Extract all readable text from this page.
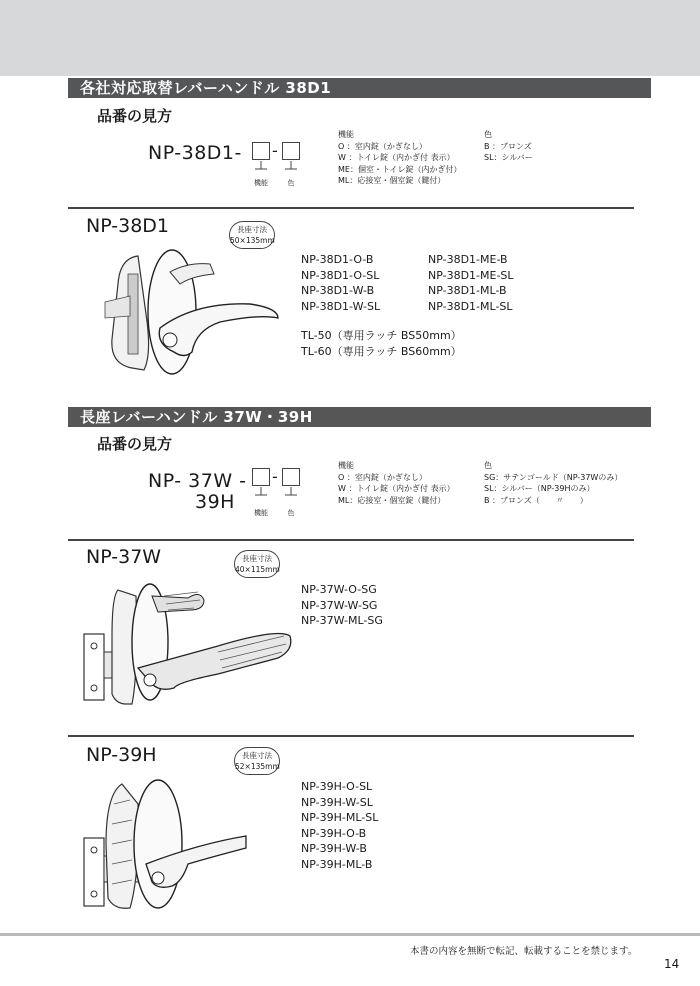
各社対応取替レバーハンドル 38D1
品番の見方
NP-38D1- -
機能	色
機能
O ：室内錠（かぎなし）
W ：トイレ錠（内かぎ付 表示）
ME：個室・トイレ錠（内かぎ付）
ML：応接室・個室錠（鍵付）
色
B ：ブロンズ
SL：シルバー
NP-38D1	長座寸法
50×135mm
NP-38D1-O-B
NP-38D1-O-SL
NP-38D1-W-B
NP-38D1-W-SL
NP-38D1-ME-B
NP-38D1-ME-SL
NP-38D1-ML-B
NP-38D1-ML-SL
TL-50（専用ラッチ BS50mm）
TL-60（専用ラッチ BS60mm）
長座レバーハンドル 37W・39H
品番の見方
NP- 37W -
39H
-
機能	色
機能
O ：室内錠（かぎなし）
W ：トイレ錠（内かぎ付 表示）
ML：応接室・個室錠（鍵付）
色
SG：サテンゴールド（NP-37Wのみ）
SL：シルバー（NP-39Hのみ）
B ：ブロンズ（　　〃　　）
NP-37W	長座寸法
40×115mm
NP-37W-O-SG
NP-37W-W-SG
NP-37W-ML-SG
NP-39H	長座寸法
52×135mm
NP-39H-O-SL
NP-39H-W-SL
NP-39H-ML-SL
NP-39H-O-B
NP-39H-W-B
NP-39H-ML-B
本書の内容を無断で転記、転載することを禁じます。
14
